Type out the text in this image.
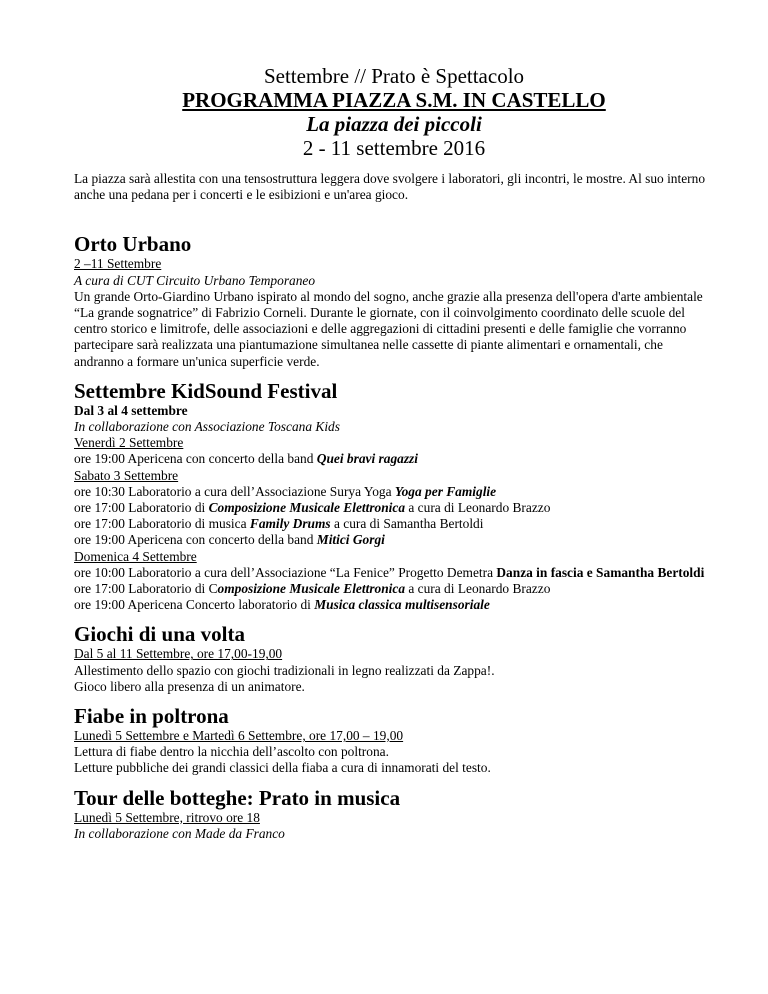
Settembre // Prato è Spettacolo
PROGRAMMA PIAZZA S.M. IN CASTELLO
La piazza dei piccoli
2 - 11 settembre 2016

La piazza sarà allestita con una tensostruttura leggera dove svolgere i laboratori, gli incontri, le mostre. Al suo interno anche una pedana per i concerti e le esibizioni e un'area gioco.

Orto Urbano

2 –11 Settembre

A cura di CUT Circuito Urbano Temporaneo

Un grande Orto-Giardino Urbano ispirato al mondo del sogno, anche grazie alla presenza dell'opera d'arte ambientale “La grande sognatrice” di Fabrizio Corneli. Durante le giornate, con il coinvolgimento coordinato delle scuole del centro storico e limitrofe, delle associazioni e delle aggregazioni di cittadini presenti e delle famiglie che vorranno partecipare sarà realizzata una piantumazione simultanea nelle cassette di piante alimentari e ornamentali, che andranno a formare un'unica superficie verde.

Settembre KidSound Festival

Dal 3 al 4 settembre

In collaborazione con Associazione Toscana Kids

Venerdì 2 Settembre

ore 19:00 Apericena con concerto della band Quei bravi ragazzi

Sabato 3 Settembre

ore 10:30 Laboratorio a cura dell’Associazione Surya Yoga Yoga per Famiglie

ore 17:00 Laboratorio di Composizione Musicale Elettronica a cura di Leonardo Brazzo

ore 17:00 Laboratorio di musica Family Drums a cura di Samantha Bertoldi

ore 19:00 Apericena con concerto della band Mitici Gorgi

Domenica 4 Settembre

ore 10:00 Laboratorio a cura dell’Associazione “La Fenice” Progetto Demetra Danza in fascia e Samantha Bertoldi

ore 17:00 Laboratorio di Composizione Musicale Elettronica a cura di Leonardo Brazzo

ore 19:00 Apericena Concerto laboratorio di Musica classica multisensoriale

Giochi di una volta

Dal 5 al 11 Settembre, ore 17,00-19,00

Allestimento dello spazio con giochi tradizionali in legno realizzati da Zappa!.

Gioco libero alla presenza di un animatore.

Fiabe in poltrona

Lunedì 5 Settembre e Martedì 6 Settembre, ore 17,00 – 19,00

Lettura di fiabe dentro la nicchia dell’ascolto con poltrona.

Letture pubbliche dei grandi classici della fiaba a cura di innamorati del testo.

Tour delle botteghe: Prato in musica

Lunedì 5 Settembre, ritrovo ore 18

In collaborazione con Made da Franco
